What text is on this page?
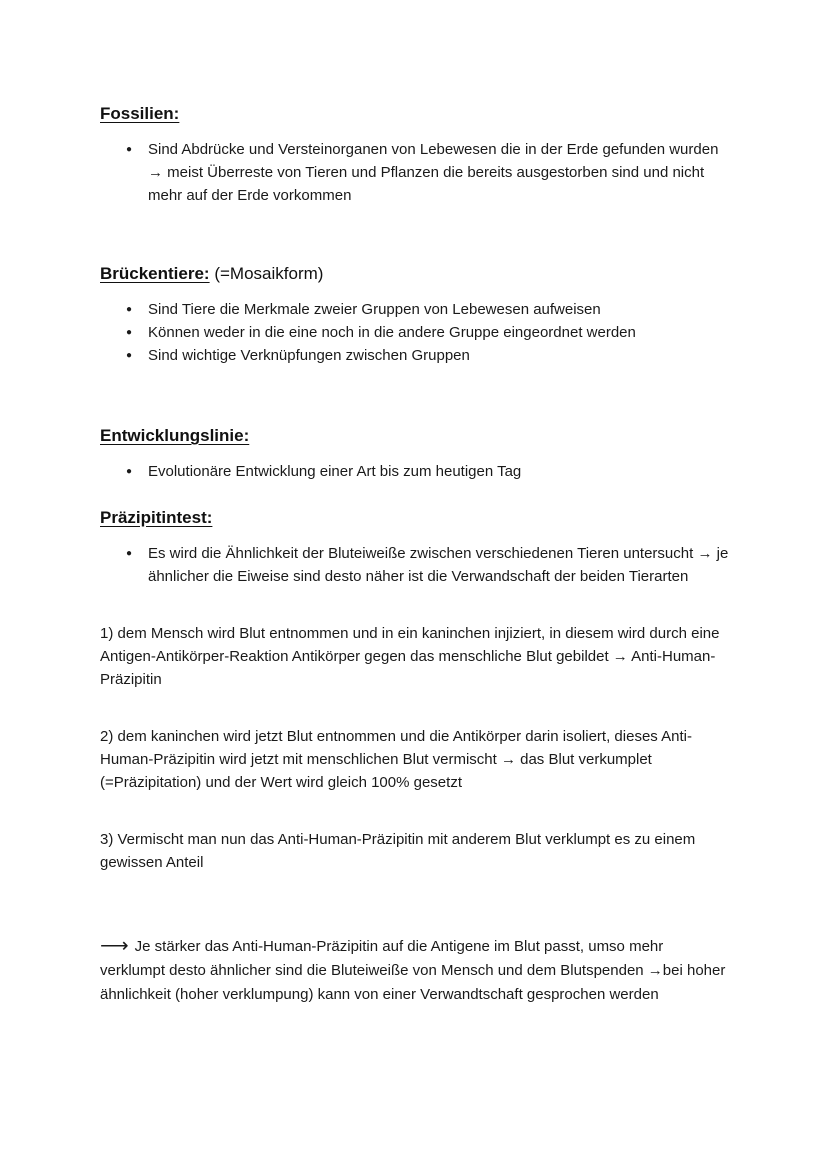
Fossilien:
● Sind Abdrücke und Versteinorganen von Lebewesen die in der Erde gefunden wurden → meist Überreste von Tieren und Pflanzen die bereits ausgestorben sind und nicht mehr auf der Erde vorkommen
Brückentiere: (=Mosaikform)
● Sind Tiere die Merkmale zweier Gruppen von Lebewesen aufweisen
● Können weder in die eine noch in die andere Gruppe eingeordnet werden
● Sind wichtige Verknüpfungen zwischen Gruppen
Entwicklungslinie:
● Evolutionäre Entwicklung einer Art bis zum heutigen Tag
Präzipitintest:
● Es wird die Ähnlichkeit der Bluteiweiße zwischen verschiedenen Tieren untersucht → je ähnlicher die Eiweise sind desto näher ist die Verwandschaft der beiden Tierarten

1) dem Mensch wird Blut entnommen und in ein kaninchen injiziert, in diesem wird durch eine Antigen-Antikörper-Reaktion Antikörper gegen das menschliche Blut gebildet → Anti-Human-Präzipitin

2) dem kaninchen wird jetzt Blut entnommen und die Antikörper darin isoliert, dieses Anti-Human-Präzipitin wird jetzt mit menschlichen Blut vermischt → das Blut verkumplet (=Präzipitation) und der Wert wird gleich 100% gesetzt

3) Vermischt man nun das Anti-Human-Präzipitin mit anderem Blut verklumpt es zu einem gewissen Anteil

⟶ Je stärker das Anti-Human-Präzipitin auf die Antigene im Blut passt, umso mehr verklumpt desto ähnlicher sind die Bluteiweiße von Mensch und dem Blutspenden →bei hoher ähnlichkeit (hoher verklumpung) kann von einer Verwandtschaft gesprochen werden
